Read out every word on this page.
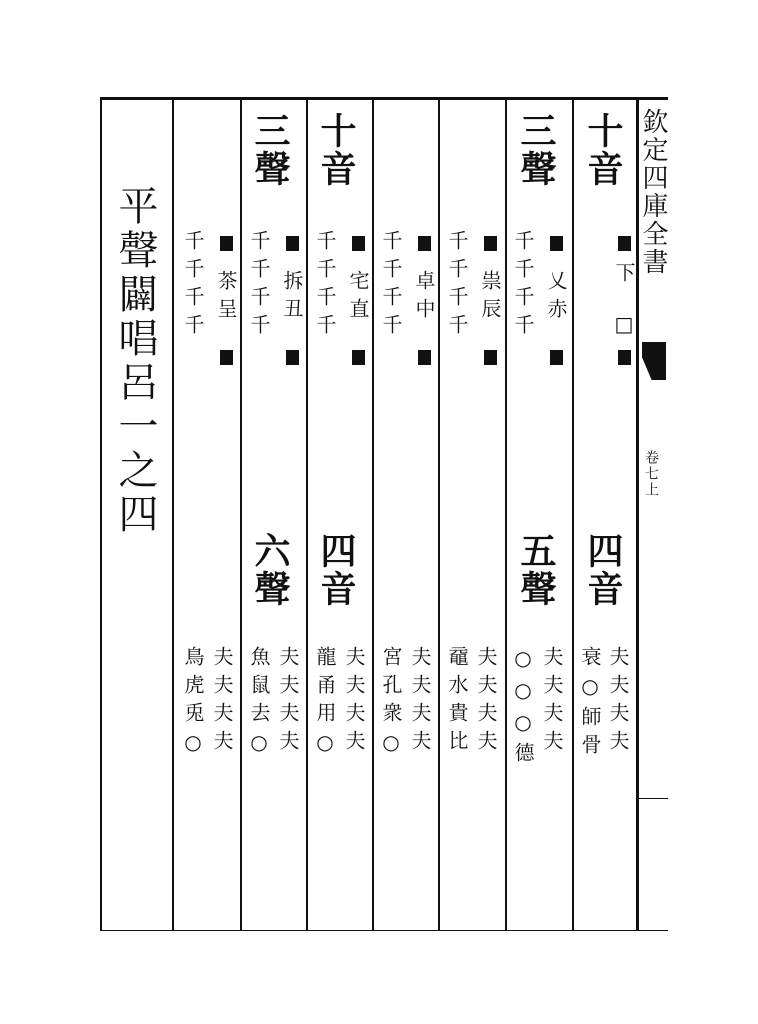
欽定四庫全書
卷七上
平聲闢唱呂一之四
十音
下
□
四音
夫夫夫夫
衰○師骨
三聲
乂赤
千千千千
五聲
夫夫夫夫
○○○德
祟辰
千千千千
夫夫夫夫
黿水貴比
卓中
千千千千
夫夫夫夫
宮孔衆○
十音
宅直
千千千千
四音
夫夫夫夫
龍甬用○
三聲
拆丑
千千千千
六聲
夫夫夫夫
魚鼠去○
茶呈
千千千千
夫夫夫夫
鳥虎兎○
